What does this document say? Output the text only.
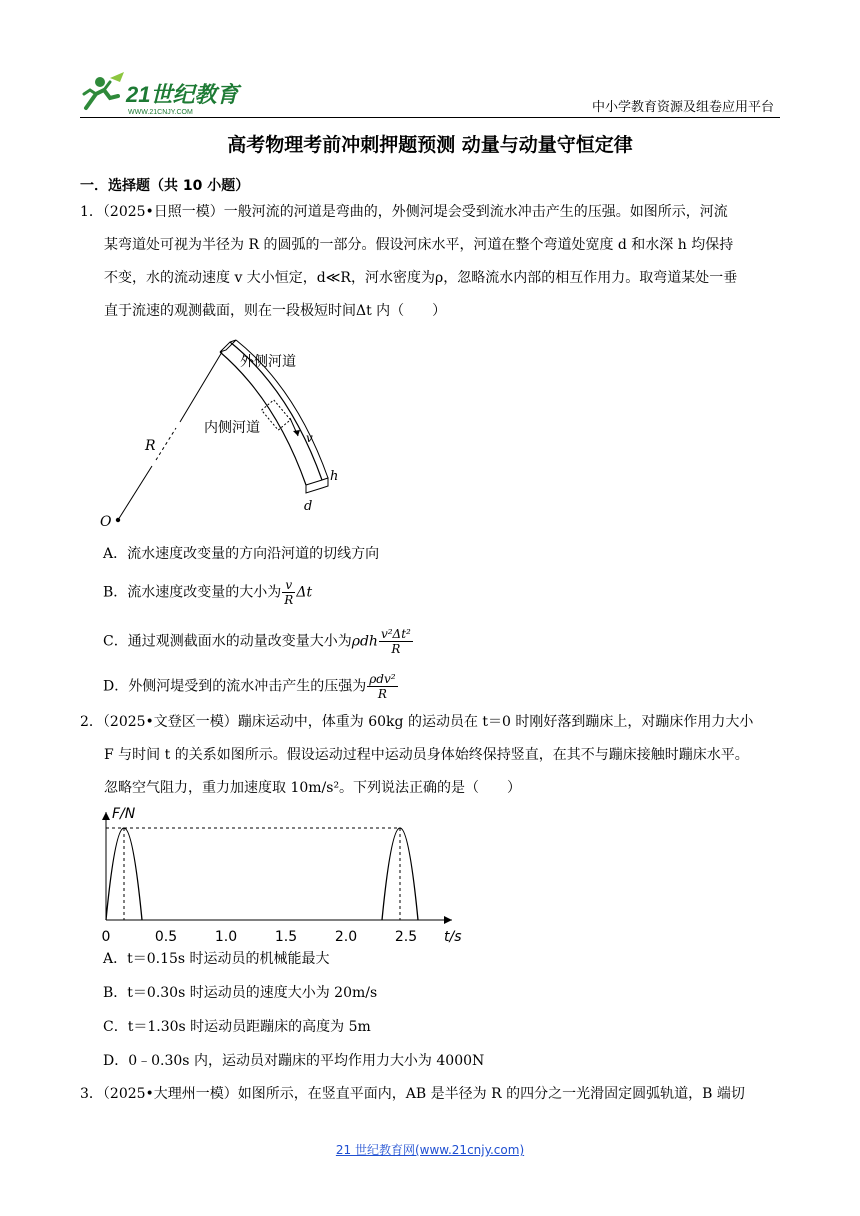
21世纪教育
WWW.21CNJY.COM	中小学教育资源及组卷应用平台
高考物理考前冲刺押题预测 动量与动量守恒定律
一．选择题（共 10 小题）
1．（2025•日照一模）一般河流的河道是弯曲的，外侧河堤会受到流水冲击产生的压强。如图所示，河流
某弯道处可视为半径为 R 的圆弧的一部分。假设河床水平，河道在整个弯道处宽度 d 和水深 h 均保持
不变，水的流动速度 v 大小恒定，d≪R，河水密度为ρ，忽略流水内部的相互作用力。取弯道某处一垂
直于流速的观测截面，则在一段极短时间Δt 内（　　）
外侧河道
内侧河道
R
O
v
h
d
A．流水速度改变量的方向沿河道的切线方向
B．流水速度改变量的大小为 $\frac{v}{R}$ Δt
C．通过观测截面水的动量改变量大小为ρdh $\frac{\text{v²Δt²}}{R}$
D．外侧河堤受到的流水冲击产生的压强为 $\frac{\text{ρdv²}}{R}$
2．（2025•文登区一模）蹦床运动中，体重为 60kg 的运动员在 t＝0 时刚好落到蹦床上，对蹦床作用力大小
F 与时间 t 的关系如图所示。假设运动过程中运动员身体始终保持竖直，在其不与蹦床接触时蹦床水平。
忽略空气阻力，重力加速度取 10m/s²。下列说法正确的是（　　）
F/N
t/s
0	0.5	1.0	1.5	2.0	2.5
A．t＝0.15s 时运动员的机械能最大
B．t＝0.30s 时运动员的速度大小为 20m/s
C．t＝1.30s 时运动员距蹦床的高度为 5m
D．0﹣0.30s 内，运动员对蹦床的平均作用力大小为 4000N
3．（2025•大理州一模）如图所示，在竖直平面内，AB 是半径为 R 的四分之一光滑固定圆弧轨道，B 端切
21 世纪教育网(www.21cnjy.com)
